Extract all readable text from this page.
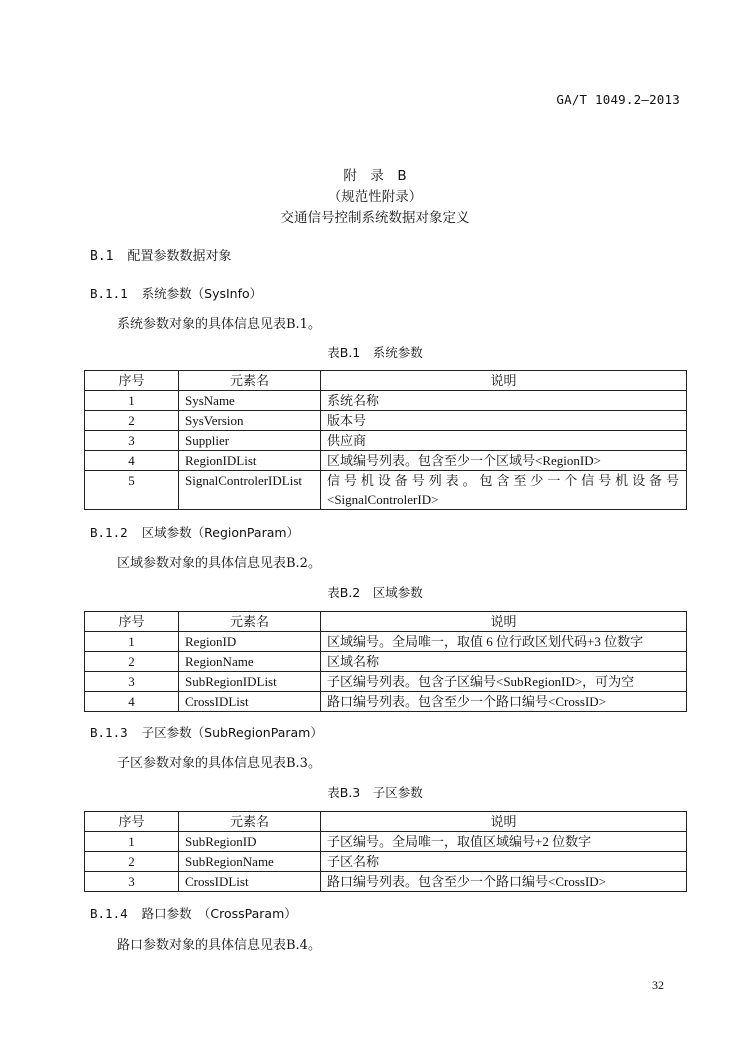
GA/T 1049.2—2013
附　录　B
（规范性附录）
交通信号控制系统数据对象定义
B.1 配置参数数据对象
B.1.1 系统参数（SysInfo）
系统参数对象的具体信息见表B.1。
表B.1　系统参数
序号	元素名	说明
1	SysName	系统名称
2	SysVersion	版本号
3	Supplier	供应商
4	RegionIDList	区域编号列表。包含至少一个区域号<RegionID>
5	SignalControlerIDList	信号机设备号列表。包含至少一个信号机设备号
<SignalControlerID>
B.1.2 区域参数（RegionParam）
区域参数对象的具体信息见表B.2。
表B.2　区域参数
序号	元素名	说明
1	RegionID	区域编号。全局唯一，取值 6 位行政区划代码+3 位数字
2	RegionName	区域名称
3	SubRegionIDList	子区编号列表。包含子区编号<SubRegionID>，可为空
4	CrossIDList	路口编号列表。包含至少一个路口编号<CrossID>
B.1.3 子区参数（SubRegionParam）
子区参数对象的具体信息见表B.3。
表B.3　子区参数
序号	元素名	说明
1	SubRegionID	子区编号。全局唯一，取值区域编号+2 位数字
2	SubRegionName	子区名称
3	CrossIDList	路口编号列表。包含至少一个路口编号<CrossID>
B.1.4 路口参数　（CrossParam）
路口参数对象的具体信息见表B.4。
32
